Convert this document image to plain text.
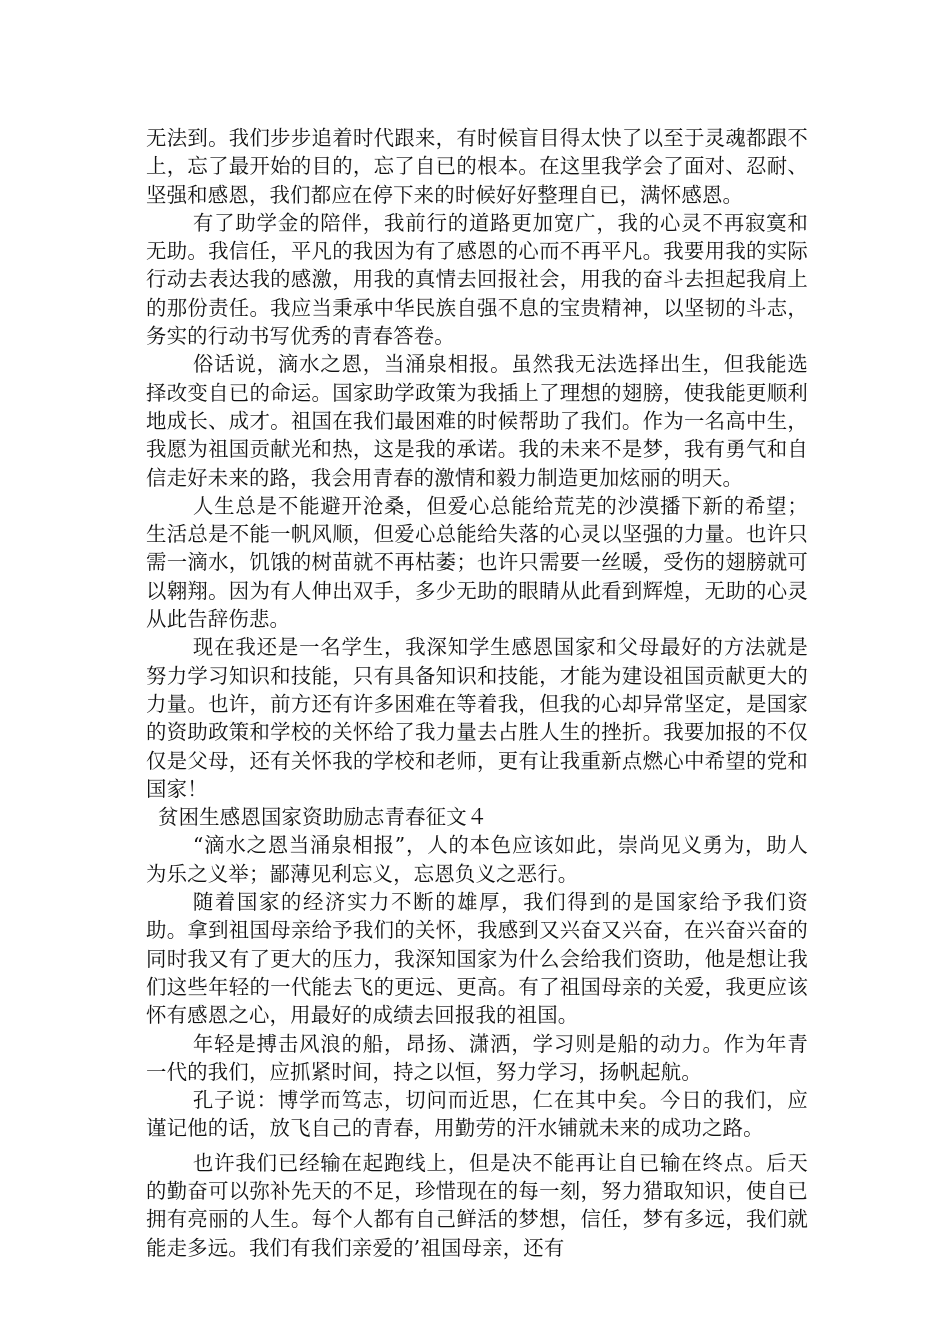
无法到。我们步步追着时代跟来，有时候盲目得太快了以至于灵魂都跟不上，忘了最开始的目的，忘了自已的根本。在这里我学会了面对、忍耐、坚强和感恩，我们都应在停下来的时候好好整理自已，满怀感恩。

有了助学金的陪伴，我前行的道路更加宽广，我的心灵不再寂寞和无助。我信任，平凡的我因为有了感恩的心而不再平凡。我要用我的实际行动去表达我的感激，用我的真情去回报社会，用我的奋斗去担起我肩上的那份责任。我应当秉承中华民族自强不息的宝贵精神，以坚韧的斗志，务实的行动书写优秀的青春答卷。

俗话说，滴水之恩，当涌泉相报。虽然我无法选择出生，但我能选择改变自已的命运。国家助学政策为我插上了理想的翅膀，使我能更顺利地成长、成才。祖国在我们最困难的时候帮助了我们。作为一名高中生，我愿为祖国贡献光和热，这是我的承诺。我的未来不是梦，我有勇气和自信走好未来的路，我会用青春的激情和毅力制造更加炫丽的明天。

人生总是不能避开沧桑，但爱心总能给荒芜的沙漠播下新的希望；生活总是不能一帆风顺，但爱心总能给失落的心灵以坚强的力量。也许只需一滴水，饥饿的树苗就不再枯萎；也许只需要一丝暖，受伤的翅膀就可以翱翔。因为有人伸出双手，多少无助的眼睛从此看到辉煌，无助的心灵从此告辞伤悲。

现在我还是一名学生，我深知学生感恩国家和父母最好的方法就是努力学习知识和技能，只有具备知识和技能，才能为建设祖国贡献更大的力量。也许，前方还有许多困难在等着我，但我的心却异常坚定，是国家的资助政策和学校的关怀给了我力量去占胜人生的挫折。我要加报的不仅仅是父母，还有关怀我的学校和老师，更有让我重新点燃心中希望的党和国家！

贫困生感恩国家资助励志青春征文４

“滴水之恩当涌泉相报”，人的本色应该如此，崇尚见义勇为，助人为乐之义举；鄙薄见利忘义，忘恩负义之恶行。

随着国家的经济实力不断的雄厚，我们得到的是国家给予我们资助。拿到祖国母亲给予我们的关怀，我感到又兴奋又兴奋，在兴奋兴奋的同时我又有了更大的压力，我深知国家为什么会给我们资助，他是想让我们这些年轻的一代能去飞的更远、更高。有了祖国母亲的关爱，我更应该怀有感恩之心，用最好的成绩去回报我的祖国。

年轻是搏击风浪的船，昂扬、潇洒，学习则是船的动力。作为年青一代的我们，应抓紧时间，持之以恒，努力学习，扬帆起航。

孔子说：博学而笃志，切问而近思，仁在其中矣。今日的我们，应谨记他的话，放飞自己的青春，用勤劳的汗水铺就未来的成功之路。

也许我们已经输在起跑线上，但是决不能再让自已输在终点。后天的勤奋可以弥补先天的不足，珍惜现在的每一刻，努力猎取知识，使自已拥有亮丽的人生。每个人都有自己鲜活的梦想，信任，梦有多远，我们就能走多远。我们有我们亲爱的’祖国母亲，还有
